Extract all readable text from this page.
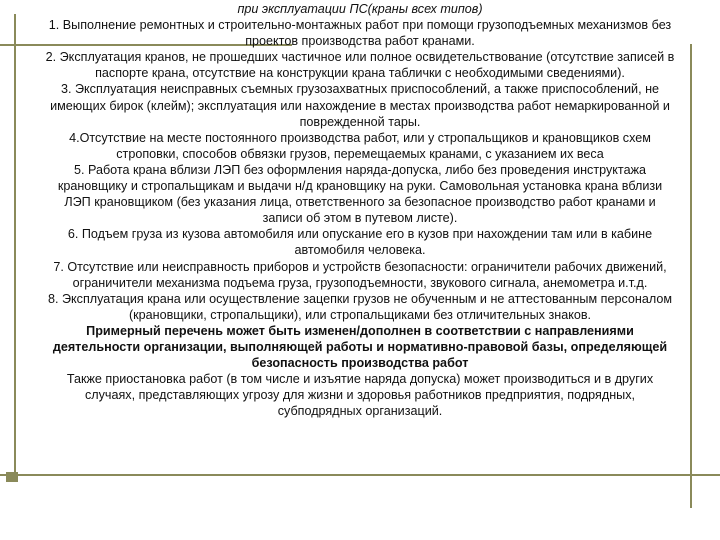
при эксплуатации ПС(краны всех типов)

1. Выполнение ремонтных и строительно-монтажных работ при помощи грузоподъемных механизмов без проектов производства работ кранами.

2. Эксплуатация кранов, не прошедших частичное или полное освидетельствование (отсутствие записей в паспорте крана, отсутствие на конструкции крана таблички с необходимыми сведениями).

3. Эксплуатация неисправных съемных грузозахватных приспособлений, а также приспособлений, не имеющих бирок (клейм); эксплуатация или нахождение в местах производства работ немаркированной и поврежденной тары.

4.Отсутствие на месте постоянного производства работ, или у стропальщиков и крановщиков схем строповки, способов обвязки грузов, перемещаемых кранами, с указанием их веса

5. Работа крана вблизи ЛЭП без оформления наряда-допуска, либо без проведения инструктажа крановщику и стропальщикам и выдачи н/д крановщику на руки. Самовольная установка крана вблизи ЛЭП крановщиком (без указания лица, ответственного за безопасное производство работ кранами и записи об этом в путевом листе).

6. Подъем груза из кузова автомобиля или опускание его в кузов при нахождении там или в кабине автомобиля человека.

7. Отсутствие или неисправность приборов и устройств безопасности: ограничители рабочих движений, ограничители механизма подъема груза, грузоподъемности, звукового сигнала, анемометра и.т.д.

8. Эксплуатация крана или осуществление зацепки грузов не обученным и не аттестованным персоналом (крановщики, стропальщики), или стропальщиками без отличительных знаков.

Примерный перечень может быть изменен/дополнен в соответствии с направлениями деятельности организации, выполняющей работы и нормативно-правовой базы, определяющей безопасность производства работ

Также приостановка работ (в том числе и изъятие наряда допуска) может производиться и в других случаях, представляющих угрозу для жизни и здоровья работников предприятия, подрядных, субподрядных организаций.
